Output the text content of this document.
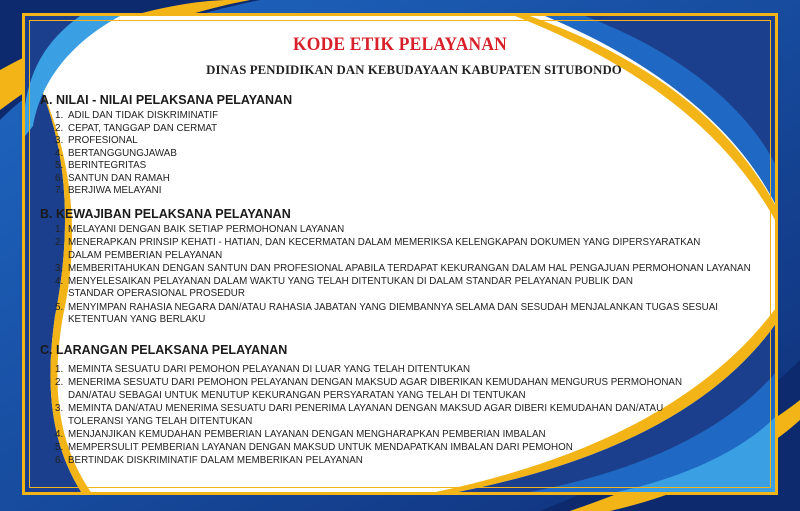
KODE ETIK PELAYANAN
DINAS PENDIDIKAN DAN KEBUDAYAAN KABUPATEN SITUBONDO
A. NILAI - NILAI PELAKSANA PELAYANAN
1. ADIL DAN TIDAK DISKRIMINATIF
2. CEPAT, TANGGAP DAN CERMAT
3. PROFESIONAL
4. BERTANGGUNGJAWAB
5. BERINTEGRITAS
6. SANTUN DAN RAMAH
7. BERJIWA MELAYANI
B. KEWAJIBAN PELAKSANA PELAYANAN
1. MELAYANI DENGAN BAIK SETIAP PERMOHONAN LAYANAN
2. MENERAPKAN PRINSIP KEHATI - HATIAN, DAN KECERMATAN DALAM MEMERIKSA KELENGKAPAN DOKUMEN YANG DIPERSYARATKAN
DALAM PEMBERIAN PELAYANAN
3. MEMBERITAHUKAN DENGAN SANTUN DAN PROFESIONAL APABILA TERDAPAT KEKURANGAN DALAM HAL PENGAJUAN PERMOHONAN LAYANAN
4. MENYELESAIKAN PELAYANAN DALAM WAKTU YANG TELAH DITENTUKAN DI DALAM STANDAR PELAYANAN PUBLIK DAN
STANDAR OPERASIONAL PROSEDUR
5. MENYIMPAN RAHASIA NEGARA DAN/ATAU RAHASIA JABATAN YANG DIEMBANNYA SELAMA DAN SESUDAH MENJALANKAN TUGAS SESUAI
KETENTUAN YANG BERLAKU
C. LARANGAN PELAKSANA PELAYANAN
1. MEMINTA SESUATU DARI PEMOHON PELAYANAN DI LUAR YANG TELAH DITENTUKAN
2. MENERIMA SESUATU DARI PEMOHON PELAYANAN DENGAN MAKSUD AGAR DIBERIKAN KEMUDAHAN MENGURUS PERMOHONAN
DAN/ATAU SEBAGAI UNTUK MENUTUP KEKURANGAN PERSYARATAN YANG TELAH DI TENTUKAN
3. MEMINTA DAN/ATAU MENERIMA SESUATU DARI PENERIMA LAYANAN DENGAN MAKSUD AGAR DIBERI KEMUDAHAN DAN/ATAU
TOLERANSI YANG TELAH DITENTUKAN
4. MENJANJIKAN KEMUDAHAN PEMBERIAN LAYANAN DENGAN MENGHARAPKAN PEMBERIAN IMBALAN
5. MEMPERSULIT PEMBERIAN LAYANAN DENGAN MAKSUD UNTUK MENDAPATKAN IMBALAN DARI PEMOHON
6. BERTINDAK DISKRIMINATIF DALAM MEMBERIKAN PELAYANAN
